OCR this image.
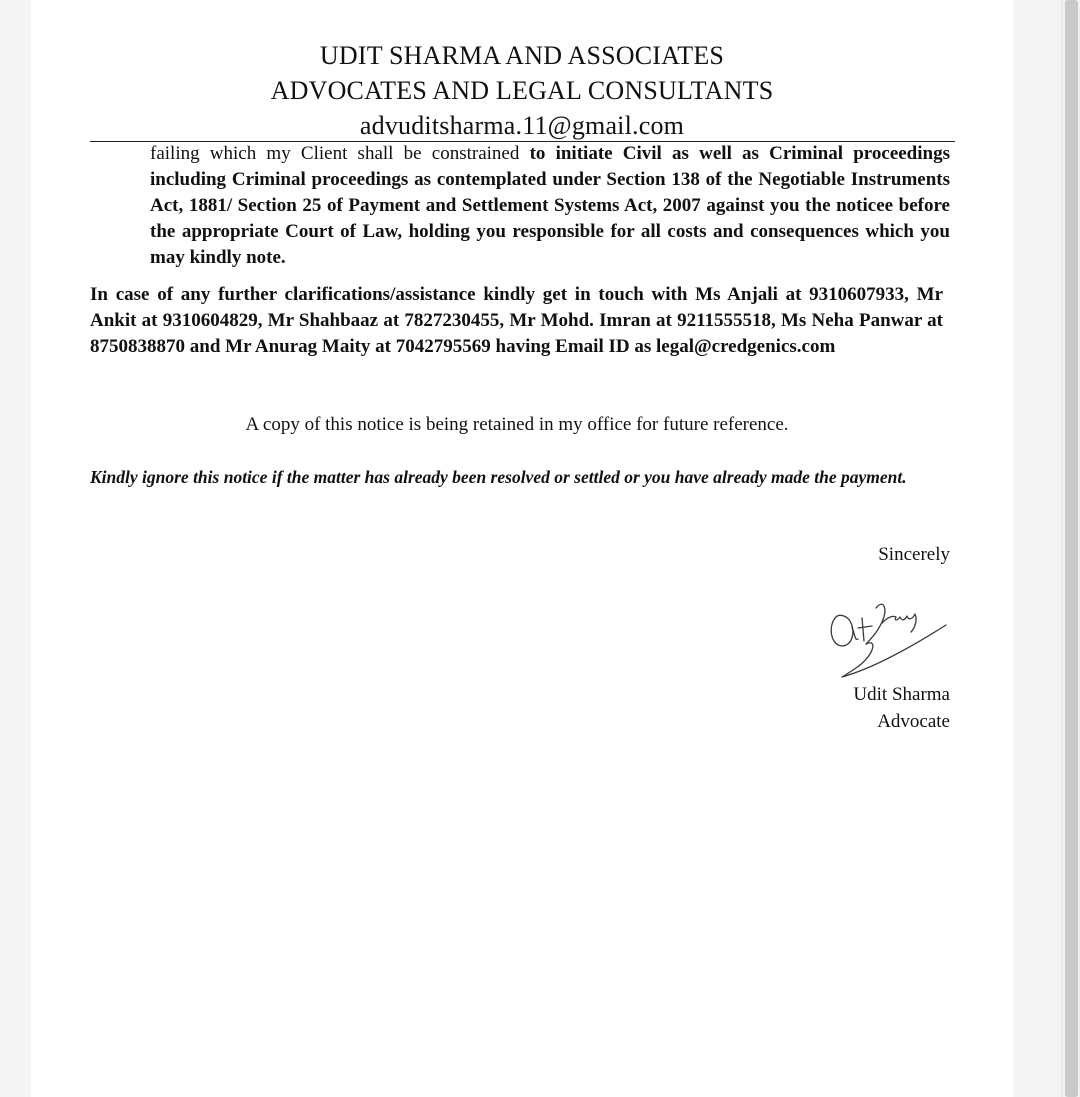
UDIT SHARMA AND ASSOCIATES
ADVOCATES AND LEGAL CONSULTANTS
advuditsharma.11@gmail.com
failing which my Client shall be constrained to initiate Civil as well as Criminal proceedings including Criminal proceedings as contemplated under Section 138 of the Negotiable Instruments Act, 1881/ Section 25 of Payment and Settlement Systems Act, 2007 against you the noticee before the appropriate Court of Law, holding you responsible for all costs and consequences which you may kindly note.
In case of any further clarifications/assistance kindly get in touch with Ms Anjali at 9310607933, Mr Ankit at 9310604829, Mr Shahbaaz at 7827230455, Mr Mohd. Imran at 9211555518, Ms Neha Panwar at 8750838870 and Mr Anurag Maity at 7042795569 having Email ID as legal@credgenics.com
A copy of this notice is being retained in my office for future reference.
Kindly ignore this notice if the matter has already been resolved or settled or you have already made the payment.
Sincerely
Udit Sharma
Advocate
